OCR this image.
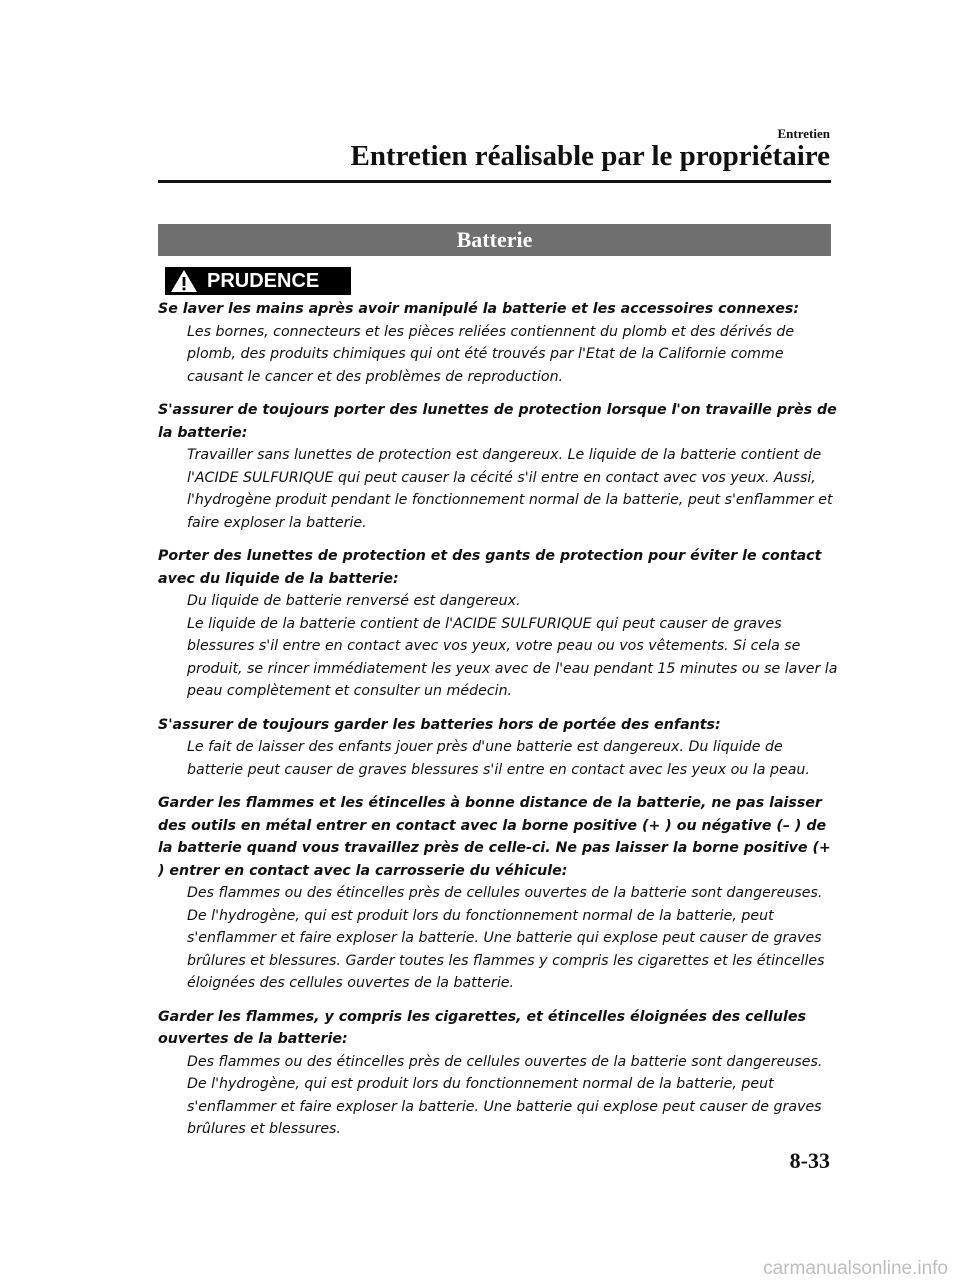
Entretien
Entretien réalisable par le propriétaire
Batterie
PRUDENCE
Se laver les mains après avoir manipulé la batterie et les accessoires connexes:
Les bornes, connecteurs et les pièces reliées contiennent du plomb et des dérivés de plomb, des produits chimiques qui ont été trouvés par l'Etat de la Californie comme causant le cancer et des problèmes de reproduction.
S'assurer de toujours porter des lunettes de protection lorsque l'on travaille près de la batterie:
Travailler sans lunettes de protection est dangereux. Le liquide de la batterie contient de l'ACIDE SULFURIQUE qui peut causer la cécité s'il entre en contact avec vos yeux. Aussi, l'hydrogène produit pendant le fonctionnement normal de la batterie, peut s'enflammer et faire exploser la batterie.
Porter des lunettes de protection et des gants de protection pour éviter le contact avec du liquide de la batterie:
Du liquide de batterie renversé est dangereux.
Le liquide de la batterie contient de l'ACIDE SULFURIQUE qui peut causer de graves blessures s'il entre en contact avec vos yeux, votre peau ou vos vêtements. Si cela se produit, se rincer immédiatement les yeux avec de l'eau pendant 15 minutes ou se laver la peau complètement et consulter un médecin.
S'assurer de toujours garder les batteries hors de portée des enfants:
Le fait de laisser des enfants jouer près d'une batterie est dangereux. Du liquide de batterie peut causer de graves blessures s'il entre en contact avec les yeux ou la peau.
Garder les flammes et les étincelles à bonne distance de la batterie, ne pas laisser des outils en métal entrer en contact avec la borne positive (+ ) ou négative (– ) de la batterie quand vous travaillez près de celle-ci. Ne pas laisser la borne positive (+ ) entrer en contact avec la carrosserie du véhicule:
Des flammes ou des étincelles près de cellules ouvertes de la batterie sont dangereuses. De l'hydrogène, qui est produit lors du fonctionnement normal de la batterie, peut s'enflammer et faire exploser la batterie. Une batterie qui explose peut causer de graves brûlures et blessures. Garder toutes les flammes y compris les cigarettes et les étincelles éloignées des cellules ouvertes de la batterie.
Garder les flammes, y compris les cigarettes, et étincelles éloignées des cellules ouvertes de la batterie:
Des flammes ou des étincelles près de cellules ouvertes de la batterie sont dangereuses. De l'hydrogène, qui est produit lors du fonctionnement normal de la batterie, peut s'enflammer et faire exploser la batterie. Une batterie qui explose peut causer de graves brûlures et blessures.
8-33
carmanualsonline.info
